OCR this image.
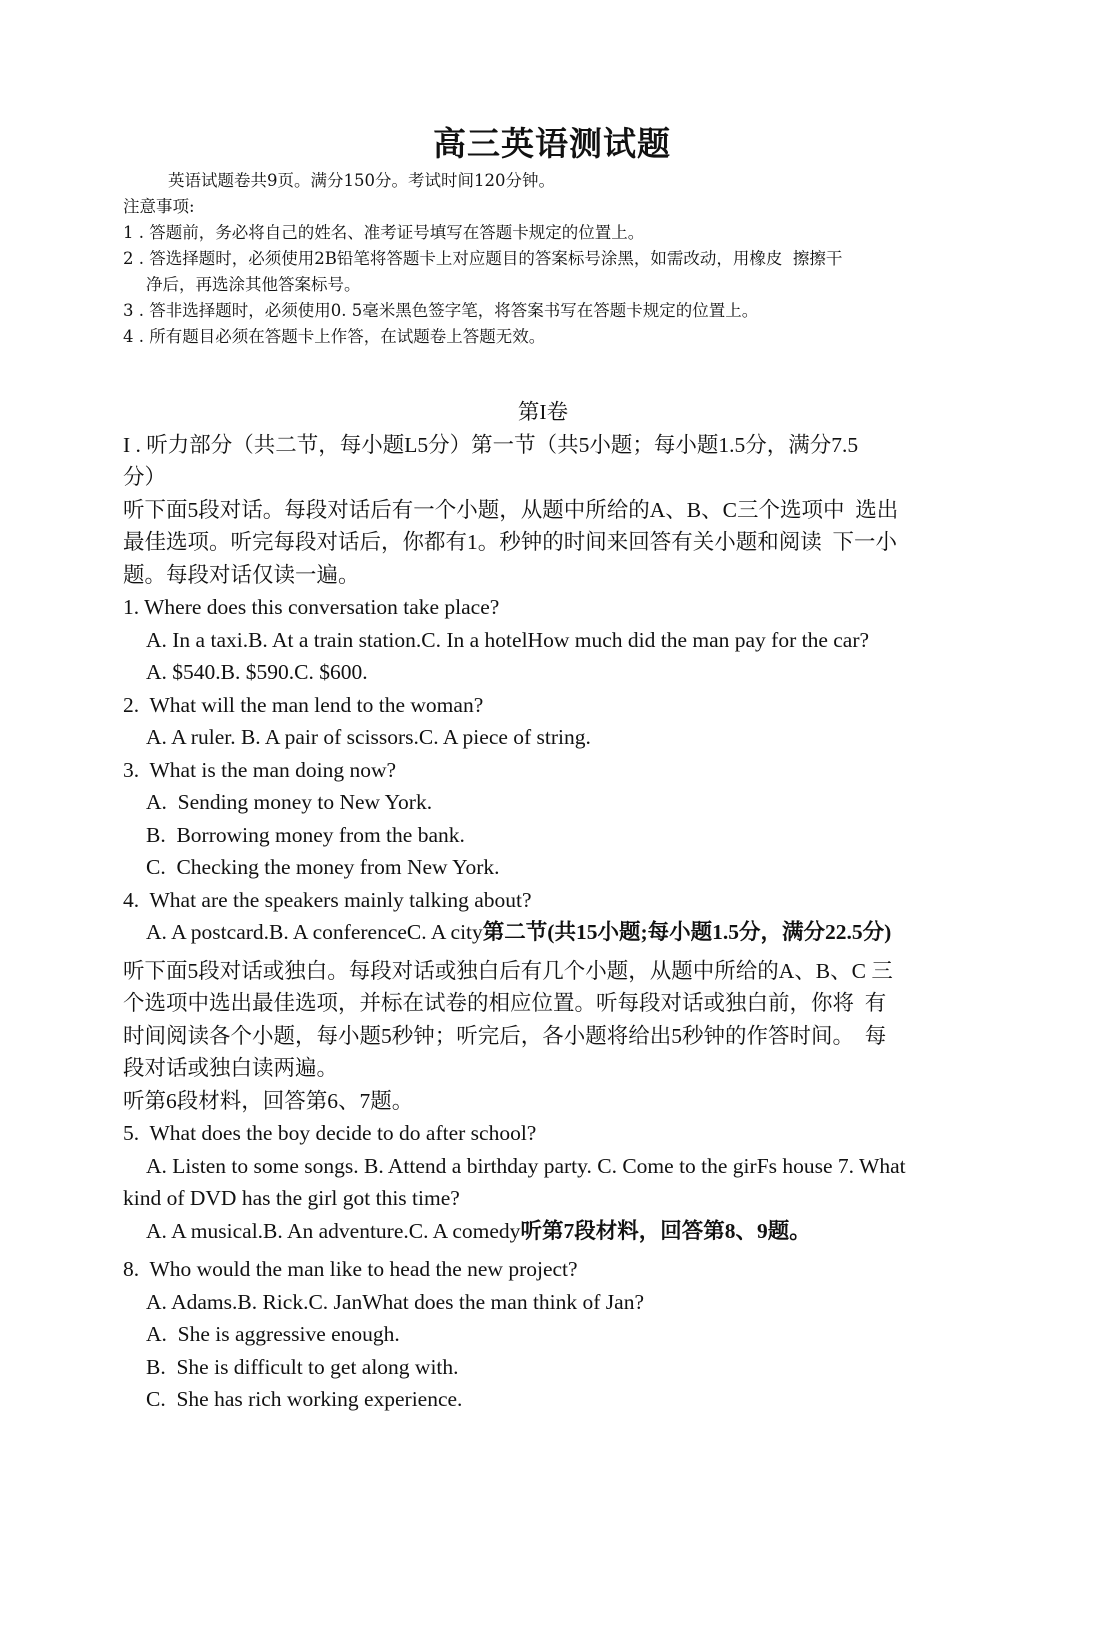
高三英语测试题

英语试题卷共9页。满分150分。考试时间120分钟。

注意事项:

1 . 答题前，务必将自己的姓名、准考证号填写在答题卡规定的位置上。

2 . 答选择题时，必须使用2B铅笔将答题卡上对应题目的答案标号涂黑，如需改动，用橡皮  擦擦干

净后，再选涂其他答案标号。

3 . 答非选择题时，必须使用0. 5毫米黑色签字笔，将答案书写在答题卡规定的位置上。

4 . 所有题目必须在答题卡上作答，在试题卷上答题无效。

第I卷

I . 听力部分（共二节，每小题L5分）第一节（共5小题；每小题1.5分，满分7.5

分）

听下面5段对话。每段对话后有一个小题，从题中所给的A、B、C三个选项中  选出

最佳选项。听完每段对话后，你都有1。秒钟的时间来回答有关小题和阅读  下一小

题。每段对话仅读一遍。

1. Where does this conversation take place?

A. In a taxi.B. At a train station.C. In a hotelHow much did the man pay for the car?

A. $540.B. $590.C. $600.

2.  What will the man lend to the woman?

A. A ruler. B. A pair of scissors.C. A piece of string.

3.  What is the man doing now?

A.  Sending money to New York.

B.  Borrowing money from the bank.

C.  Checking the money from New York.

4.  What are the speakers mainly talking about?

A. A postcard.B. A conferenceC. A city第二节(共15小题;每小题1.5分，满分22.5分)

听下面5段对话或独白。每段对话或独白后有几个小题，从题中所给的A、B、C 三

个选项中选出最佳选项，并标在试卷的相应位置。听每段对话或独白前，你将  有

时间阅读各个小题，每小题5秒钟；听完后，各小题将给出5秒钟的作答时间。  每

段对话或独白读两遍。

听第6段材料，回答第6、7题。

5.  What does the boy decide to do after school?

A. Listen to some songs. B. Attend a birthday party. C. Come to the girFs house 7. What

kind of DVD has the girl got this time?

A. A musical.B. An adventure.C. A comedy听第7段材料，回答第8、9题。

8.  Who would the man like to head the new project?

A. Adams.B. Rick.C. JanWhat does the man think of Jan?

A.  She is aggressive enough.

B.  She is difficult to get along with.

C.  She has rich working experience.
